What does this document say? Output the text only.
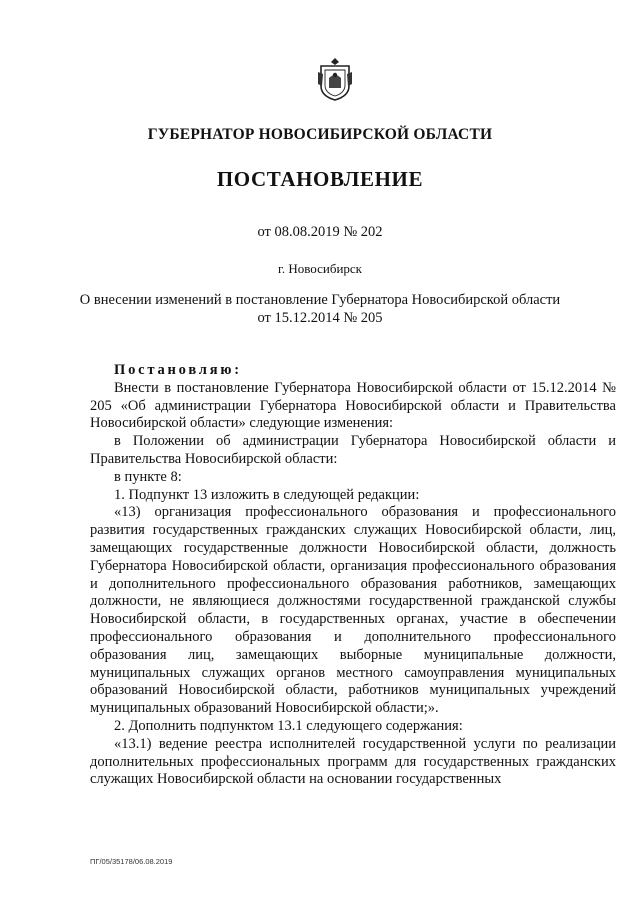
ГУБЕРНАТОР НОВОСИБИРСКОЙ ОБЛАСТИ
ПОСТАНОВЛЕНИЕ
от 08.08.2019 № 202
г. Новосибирск
О внесении изменений в постановление Губернатора Новосибирской области
от 15.12.2014 № 205

Постановляю:

Внести в постановление Губернатора Новосибирской области от 15.12.2014 № 205 «Об администрации Губернатора Новосибирской области и Правительства Новосибирской области» следующие изменения:

в Положении об администрации Губернатора Новосибирской области и Правительства Новосибирской области:

в пункте 8:

1. Подпункт 13 изложить в следующей редакции:

«13) организация профессионального образования и профессионального развития государственных гражданских служащих Новосибирской области, лиц, замещающих государственные должности Новосибирской области, должность Губернатора Новосибирской области, организация профессионального образования и дополнительного профессионального образования работников, замещающих должности, не являющиеся должностями государственной гражданской службы Новосибирской области, в государственных органах, участие в обеспечении профессионального образования и дополнительного профессионального образования лиц, замещающих выборные муниципальные должности, муниципальных служащих органов местного самоуправления муниципальных образований Новосибирской области, работников муниципальных учреждений муниципальных образований Новосибирской области;».

2. Дополнить подпунктом 13.1 следующего содержания:

«13.1) ведение реестра исполнителей государственной услуги по реализации дополнительных профессиональных программ для государственных гражданских служащих Новосибирской области на основании государственных

ПГ/05/35178/06.08.2019
